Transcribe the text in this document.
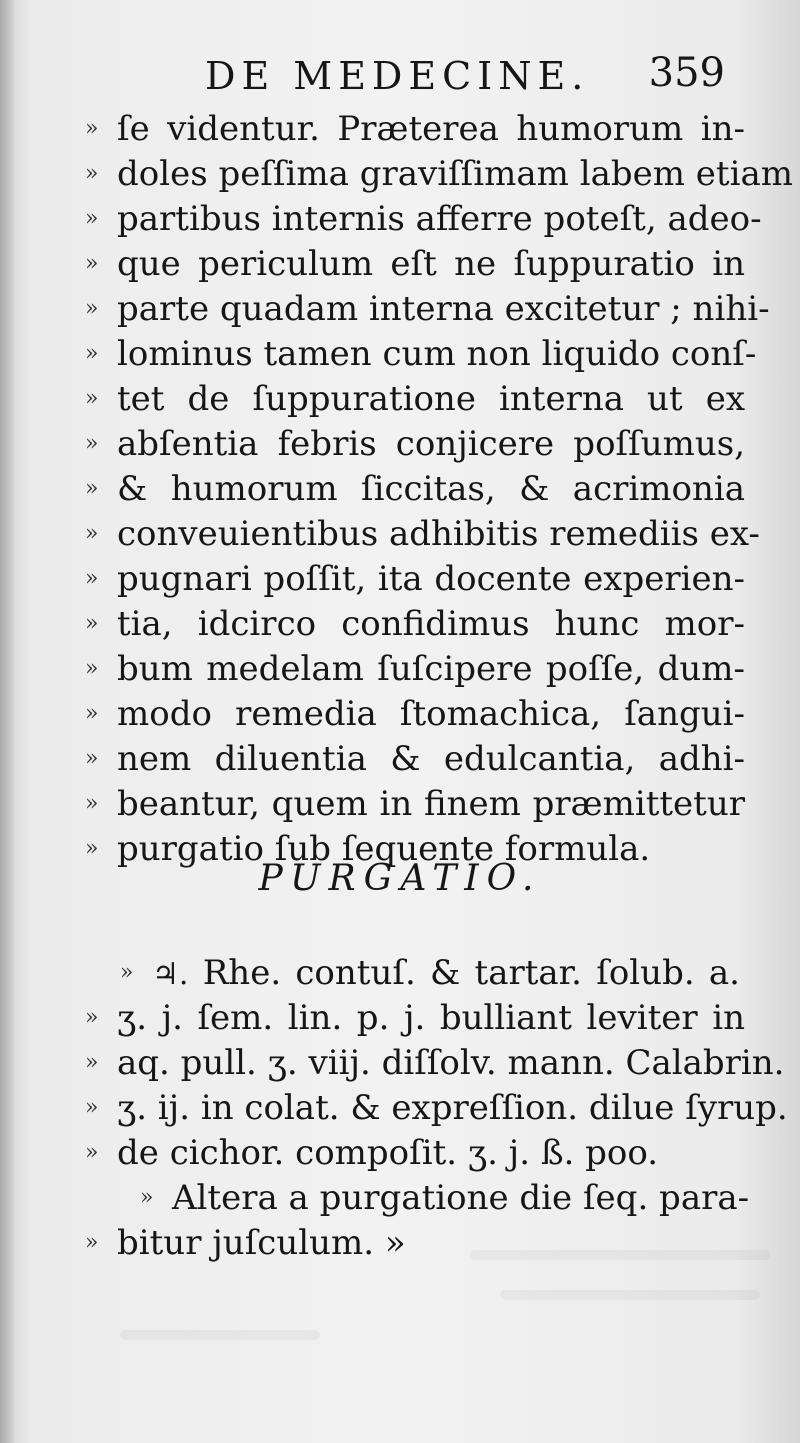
DE MEDECINE. 359
» ſe videntur. Præterea humorum in-
» doles peſſima graviſſimam labem etiam
» partibus internis afferre poteſt, adeo-
» que periculum eſt ne ſuppuratio in
» parte quadam interna excitetur ; nihi-
» lominus tamen cum non liquido conſ-
» tet de ſuppuratione interna ut ex
» abſentia febris conjicere poſſumus,
» & humorum ſiccitas, & acrimonia
» conveuientibus adhibitis remediis ex-
» pugnari poſſit, ita docente experien-
» tia, idcirco confidimus hunc mor-
» bum medelam ſuſcipere poſſe, dum-
» modo remedia ſtomachica, ſangui-
» nem diluentia & edulcantia, adhi-
» beantur, quem in finem præmittetur
» purgatio ſub ſequente formula.
PURGATIO.
» ♃. Rhe. contuſ. & tartar. ſolub. a.
» ʒ. j. ſem. lin. p. j. bulliant leviter in
» aq. pull. ʒ. viij. diſſolv. mann. Calabrin.
» ʒ. ij. in colat. & expreſſion. dilue ſyrup.
» de cichor. compoſit. ʒ. j. ß. poo.
» Altera a purgatione die ſeq. para-
» bitur juſculum. »
